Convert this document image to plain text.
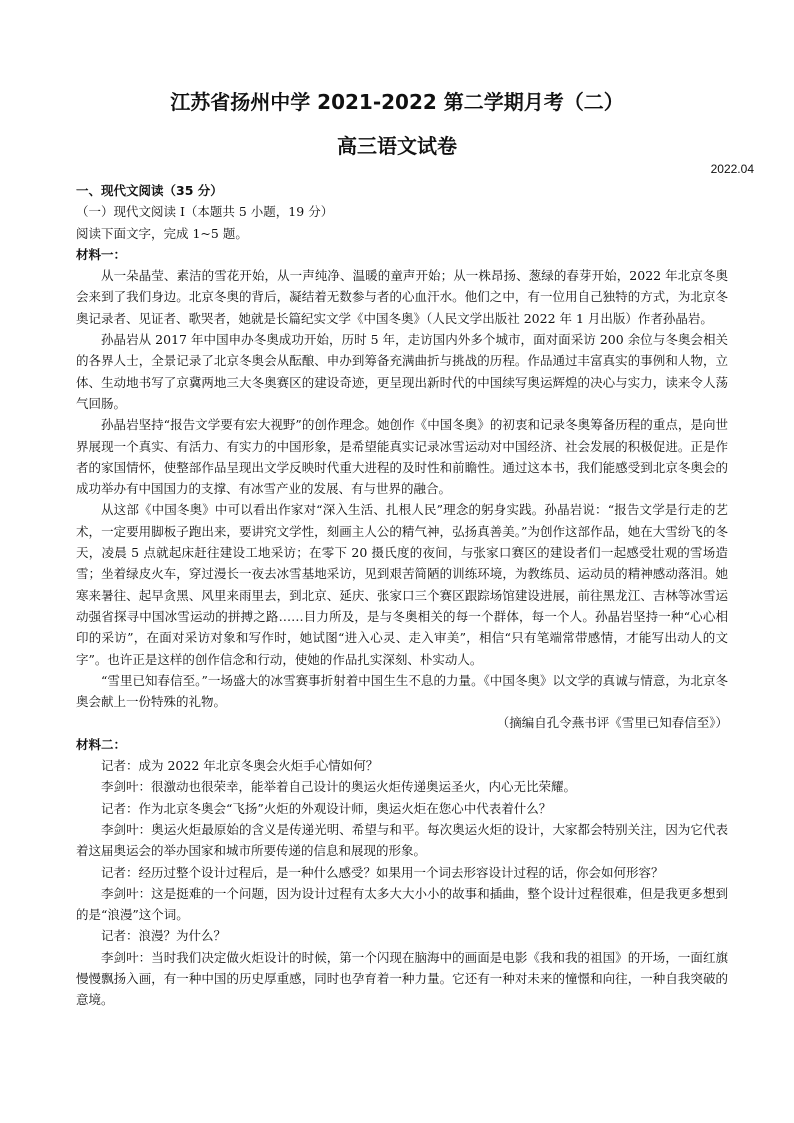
江苏省扬州中学 2021-2022 第二学期月考（二）
高三语文试卷
2022.04

一、现代文阅读（35 分）

（一）现代文阅读 I（本题共 5 小题，19 分）

阅读下面文字，完成 1~5 题。

材料一：

从一朵晶莹、素洁的雪花开始，从一声纯净、温暖的童声开始；从一株昂扬、葱绿的春芽开始，2022 年北京冬奥会来到了我们身边。北京冬奥的背后，凝结着无数参与者的心血汗水。他们之中，有一位用自己独特的方式，为北京冬奥记录者、见证者、歌哭者，她就是长篇纪实文学《中国冬奥》（人民文学出版社 2022 年 1 月出版）作者孙晶岩。

孙晶岩从 2017 年中国申办冬奥成功开始，历时 5 年，走访国内外多个城市，面对面采访 200 余位与冬奥会相关的各界人士，全景记录了北京冬奥会从酝酿、申办到筹备充满曲折与挑战的历程。作品通过丰富真实的事例和人物，立体、生动地书写了京冀两地三大冬奥赛区的建设奇迹，更呈现出新时代的中国续写奥运辉煌的决心与实力，读来令人荡气回肠。

孙晶岩坚持“报告文学要有宏大视野”的创作理念。她创作《中国冬奥》的初衷和记录冬奥筹备历程的重点，是向世界展现一个真实、有活力、有实力的中国形象，是希望能真实记录冰雪运动对中国经济、社会发展的积极促进。正是作者的家国情怀，使整部作品呈现出文学反映时代重大进程的及时性和前瞻性。通过这本书，我们能感受到北京冬奥会的成功举办有中国国力的支撑、有冰雪产业的发展、有与世界的融合。

从这部《中国冬奥》中可以看出作家对“深入生活、扎根人民”理念的躬身实践。孙晶岩说：“报告文学是行走的艺术，一定要用脚板子跑出来，要讲究文学性，刻画主人公的精气神，弘扬真善美。”为创作这部作品，她在大雪纷飞的冬天，凌晨 5 点就起床赶往建设工地采访；在零下 20 摄氏度的夜间，与张家口赛区的建设者们一起感受壮观的雪场造雪；坐着绿皮火车，穿过漫长一夜去冰雪基地采访，见到艰苦简陋的训练环境，为教练员、运动员的精神感动落泪。她寒来暑往、起早贪黑、风里来雨里去，到北京、延庆、张家口三个赛区跟踪场馆建设进展，前往黑龙江、吉林等冰雪运动强省探寻中国冰雪运动的拼搏之路……目力所及，是与冬奥相关的每一个群体，每一个人。孙晶岩坚持一种“心心相印的采访”，在面对采访对象和写作时，她试图“进入心灵、走入审美”，相信“只有笔端常带感情，才能写出动人的文字”。也许正是这样的创作信念和行动，使她的作品扎实深刻、朴实动人。

“雪里已知春信至。”一场盛大的冰雪赛事折射着中国生生不息的力量。《中国冬奥》以文学的真诚与情意，为北京冬奥会献上一份特殊的礼物。

（摘编自孔令燕书评《雪里已知春信至》）

材料二：

记者：成为 2022 年北京冬奥会火炬手心情如何？

李剑叶：很激动也很荣幸，能举着自己设计的奥运火炬传递奥运圣火，内心无比荣耀。

记者：作为北京冬奥会“飞扬”火炬的外观设计师，奥运火炬在您心中代表着什么？

李剑叶：奥运火炬最原始的含义是传递光明、希望与和平。每次奥运火炬的设计，大家都会特别关注，因为它代表着这届奥运会的举办国家和城市所要传递的信息和展现的形象。

记者：经历过整个设计过程后，是一种什么感受？如果用一个词去形容设计过程的话，你会如何形容？

李剑叶：这是挺难的一个问题，因为设计过程有太多大大小小的故事和插曲，整个设计过程很难，但是我更多想到的是“浪漫”这个词。

记者：浪漫？为什么？

李剑叶：当时我们决定做火炬设计的时候，第一个闪现在脑海中的画面是电影《我和我的祖国》的开场，一面红旗慢慢飘扬入画，有一种中国的历史厚重感，同时也孕育着一种力量。它还有一种对未来的憧憬和向往，一种自我突破的意境。
